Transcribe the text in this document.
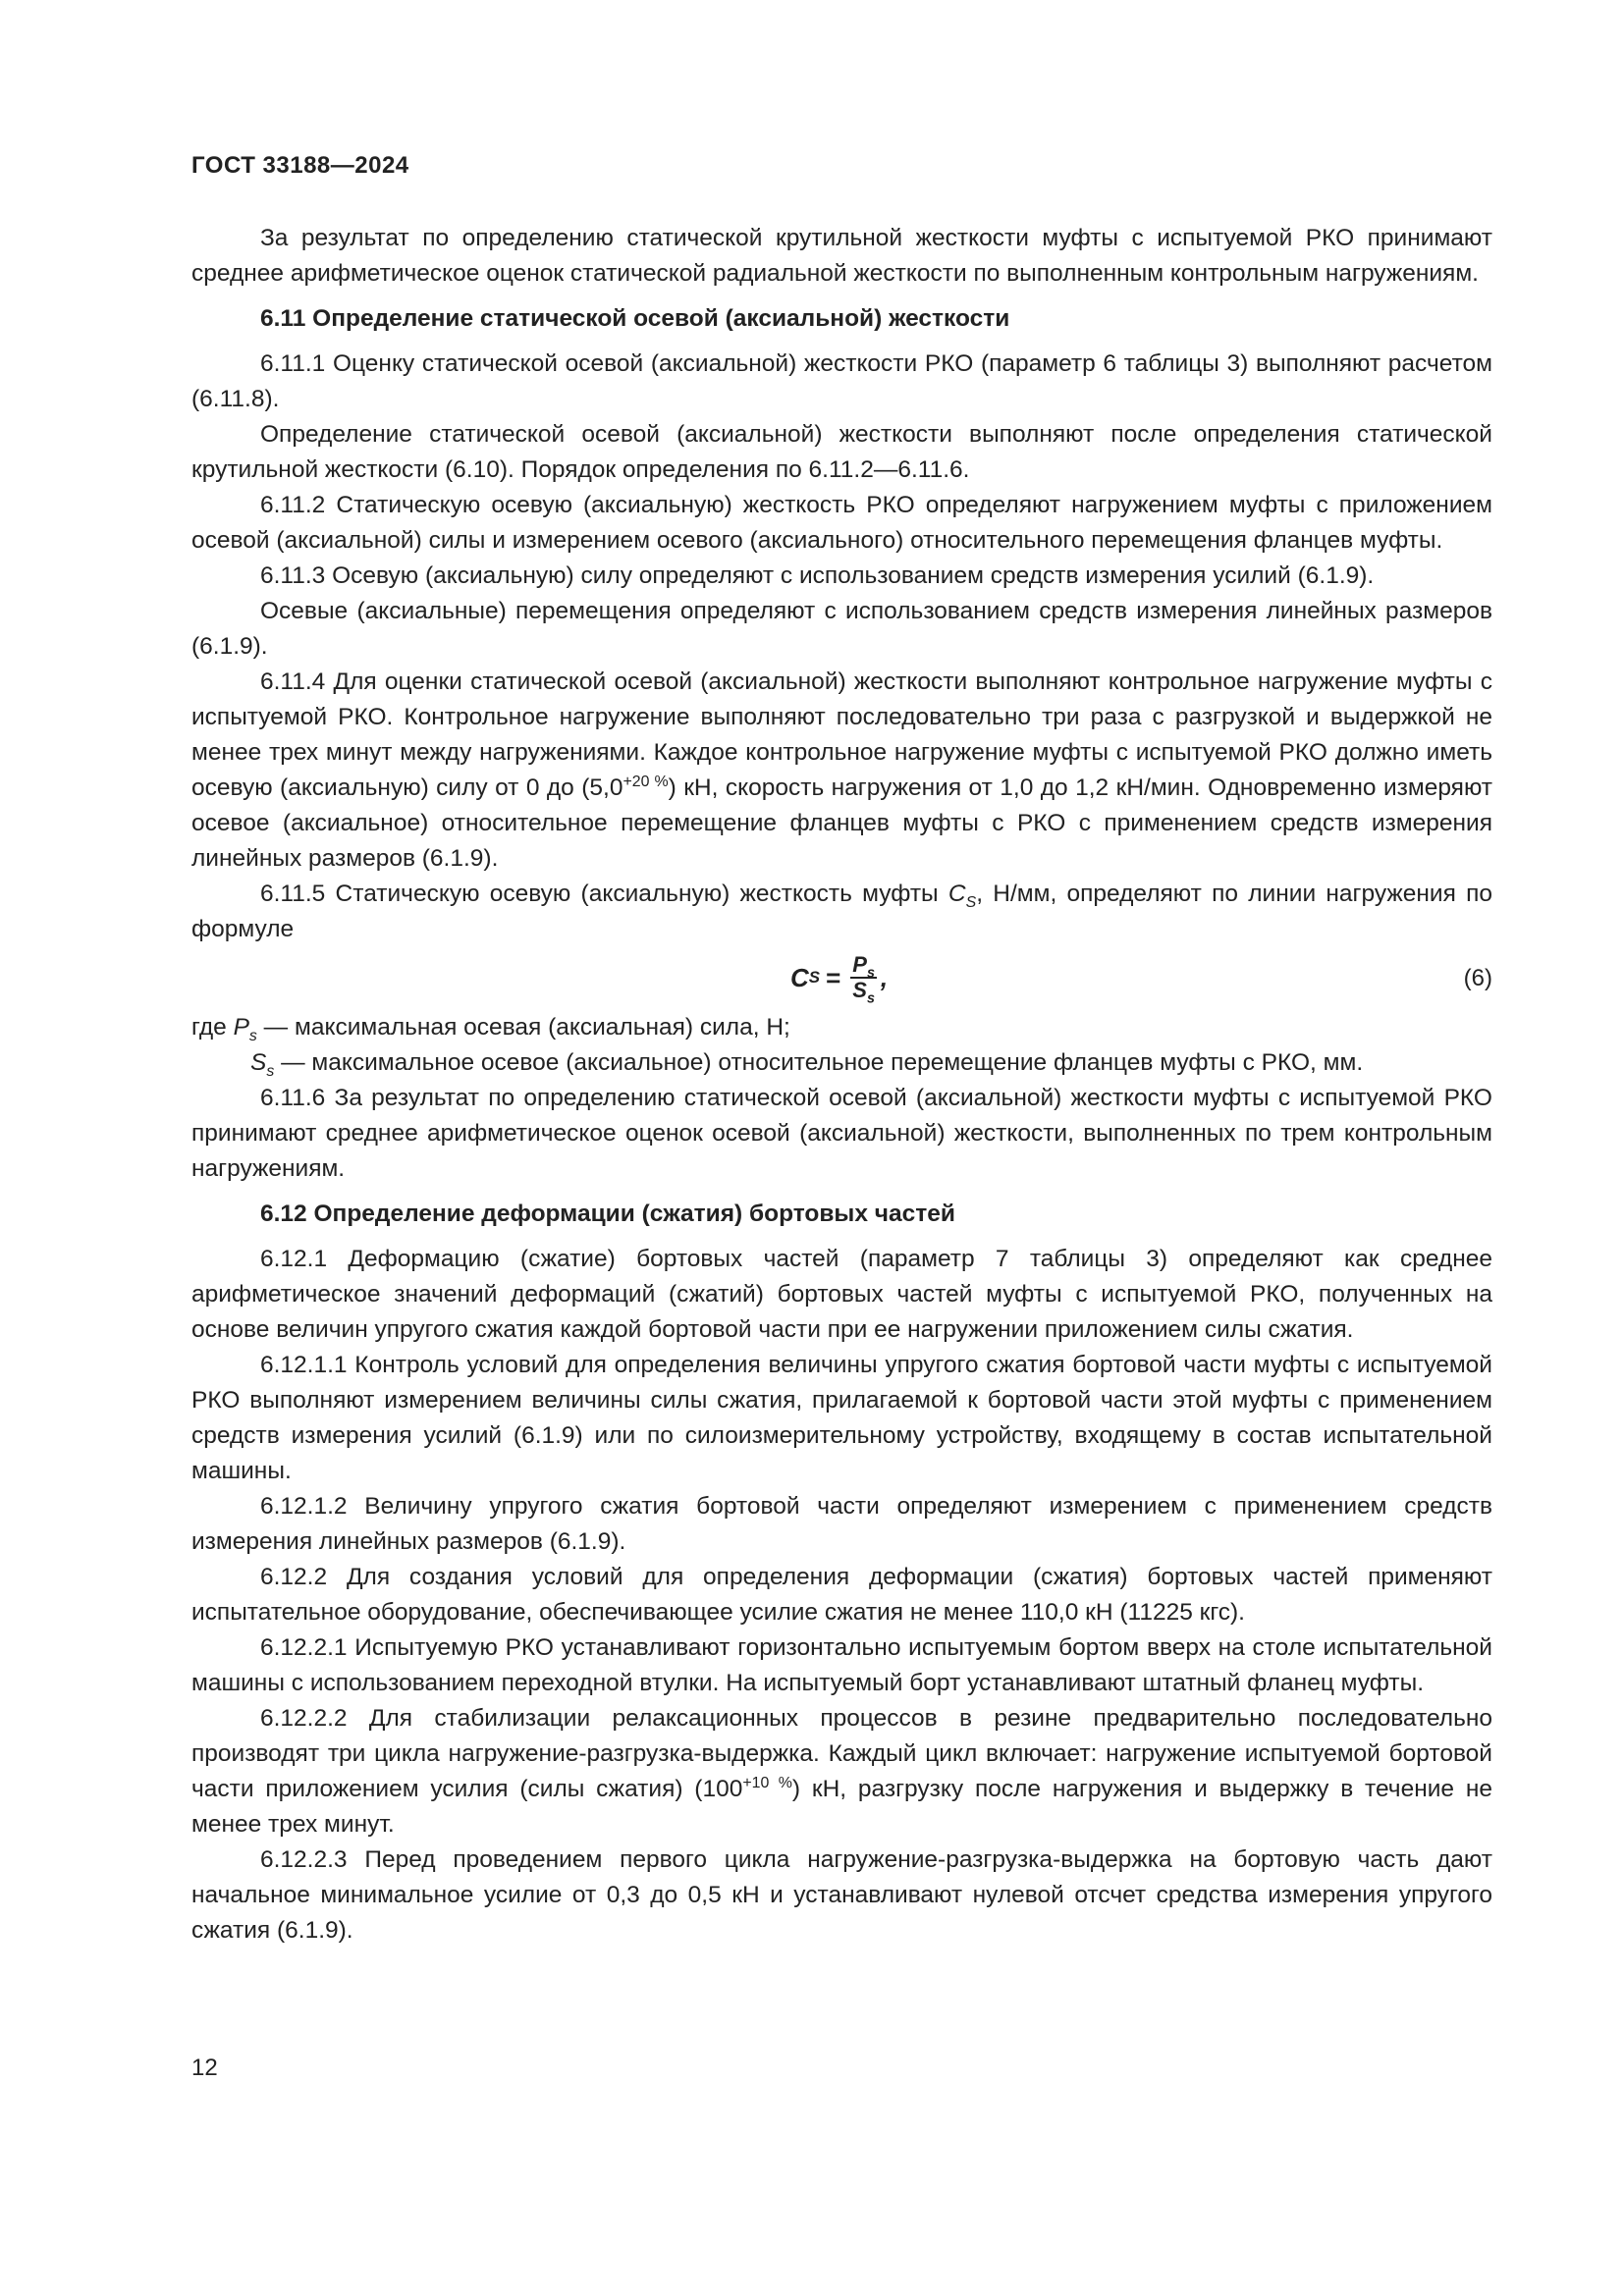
ГОСТ 33188—2024

За результат по определению статической крутильной жесткости муфты с испытуемой РКО принимают среднее арифметическое оценок статической радиальной жесткости по выполненным контрольным нагружениям.

6.11 Определение статической осевой (аксиальной) жесткости

6.11.1 Оценку статической осевой (аксиальной) жесткости РКО (параметр 6 таблицы 3) выполняют расчетом (6.11.8).

Определение статической осевой (аксиальной) жесткости выполняют после определения статической крутильной жесткости (6.10). Порядок определения по 6.11.2—6.11.6.

6.11.2 Статическую осевую (аксиальную) жесткость РКО определяют нагружением муфты с приложением осевой (аксиальной) силы и измерением осевого (аксиального) относительного перемещения фланцев муфты.

6.11.3 Осевую (аксиальную) силу определяют с использованием средств измерения усилий (6.1.9).

Осевые (аксиальные) перемещения определяют с использованием средств измерения линейных размеров (6.1.9).

6.11.4 Для оценки статической осевой (аксиальной) жесткости выполняют контрольное нагружение муфты с испытуемой РКО. Контрольное нагружение выполняют последовательно три раза с разгрузкой и выдержкой не менее трех минут между нагружениями. Каждое контрольное нагружение муфты с испытуемой РКО должно иметь осевую (аксиальную) силу от 0 до $(5,0^{+20 \%})$ кН, скорость нагружения от 1,0 до 1,2 кН/мин. Одновременно измеряют осевое (аксиальное) относительное перемещение фланцев муфты с РКО с применением средств измерения линейных размеров (6.1.9).

6.11.5 Статическую осевую (аксиальную) жесткость муфты $C_S$, Н/мм, определяют по линии нагружения по формуле

C $S = \frac{P_s}{S_s}$ ,	(6)

где $P_s$ — максимальная осевая (аксиальная) сила, Н;

$S_s$ — максимальное осевое (аксиальное) относительное перемещение фланцев муфты с РКО, мм.

6.11.6 За результат по определению статической осевой (аксиальной) жесткости муфты с испытуемой РКО принимают среднее арифметическое оценок осевой (аксиальной) жесткости, выполненных по трем контрольным нагружениям.

6.12 Определение деформации (сжатия) бортовых частей

6.12.1 Деформацию (сжатие) бортовых частей (параметр 7 таблицы 3) определяют как среднее арифметическое значений деформаций (сжатий) бортовых частей муфты с испытуемой РКО, полученных на основе величин упругого сжатия каждой бортовой части при ее нагружении приложением силы сжатия.

6.12.1.1 Контроль условий для определения величины упругого сжатия бортовой части муфты с испытуемой РКО выполняют измерением величины силы сжатия, прилагаемой к бортовой части этой муфты с применением средств измерения усилий (6.1.9) или по силоизмерительному устройству, входящему в состав испытательной машины.

6.12.1.2 Величину упругого сжатия бортовой части определяют измерением с применением средств измерения линейных размеров (6.1.9).

6.12.2 Для создания условий для определения деформации (сжатия) бортовых частей применяют испытательное оборудование, обеспечивающее усилие сжатия не менее 110,0 кН (11225 кгс).

6.12.2.1 Испытуемую РКО устанавливают горизонтально испытуемым бортом вверх на столе испытательной машины с использованием переходной втулки. На испытуемый борт устанавливают штатный фланец муфты.

6.12.2.2 Для стабилизации релаксационных процессов в резине предварительно последовательно производят три цикла нагружение-разгрузка-выдержка. Каждый цикл включает: нагружение испытуемой бортовой части приложением усилия (силы сжатия) $(100^{+10 \%})$ кН, разгрузку после нагружения и выдержку в течение не менее трех минут.

6.12.2.3 Перед проведением первого цикла нагружение-разгрузка-выдержка на бортовую часть дают начальное минимальное усилие от 0,3 до 0,5 кН и устанавливают нулевой отсчет средства измерения упругого сжатия (6.1.9).

12
